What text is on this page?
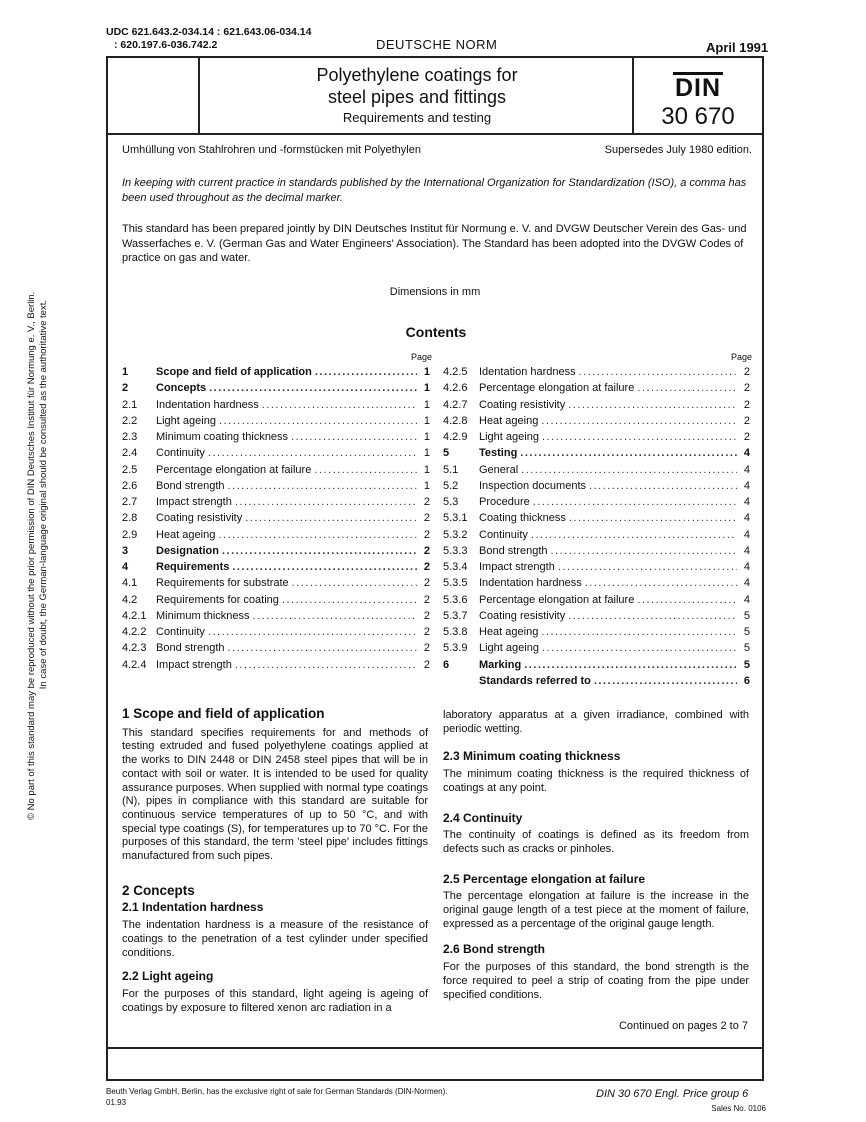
UDC 621.643.2-034.14 : 621.643.06-034.14
: 620.197.6-036.742.2	DEUTSCHE NORM	April 1991
Polyethylene coatings for
steel pipes and fittings
Requirements and testing
DIN
30 670
Umhüllung von Stahlrohren und -formstücken mit Polyethylen	Supersedes July 1980 edition.
In keeping with current practice in standards published by the International Organization for Standardization (ISO), a comma has been used throughout as the decimal marker.
This standard has been prepared jointly by DIN Deutsches Institut für Normung e. V. and DVGW Deutscher Verein des Gas- und Wasserfaches e. V. (German Gas and Water Engineers' Association). The Standard has been adopted into the DVGW Codes of practice on gas and water.
Dimensions in mm
Contents
© No part of this standard may be reproduced without the prior permission of DIN Deutsches Institut für Normung e. V., Berlin. In case of doubt, the German-language original should be consulted as the authoritative text.	Page	Page
1	Scope and field of application .....	1
2	Concepts .....	1
2.1	Indentation hardness .....	1
2.2	Light ageing .....	1
2.3	Minimum coating thickness .....	1
2.4	Continuity .....	1
2.5	Percentage elongation at failure .....	1
2.6	Bond strength .....	1
2.7	Impact strength .....	2
2.8	Coating resistivity .....	2
2.9	Heat ageing .....	2
3	Designation .....	2
4	Requirements .....	2
4.1	Requirements for substrate .....	2
4.2	Requirements for coating .....	2
4.2.1 Minimum thickness .....	2
4.2.2 Continuity .....	2
4.2.3 Bond strength .....	2
4.2.4 Impact strength .....	2
4.2.5	Identation hardness .....	2
4.2.6	Percentage elongation at failure .....	2
4.2.7	Coating resistivity .....	2
4.2.8	Heat ageing .....	2
4.2.9	Light ageing .....	2
5	Testing .....	4
5.1	General .....	4
5.2	Inspection documents .....	4
5.3	Procedure .....	4
5.3.1	Coating thickness .....	4
5.3.2	Continuity .....	4
5.3.3	Bond strength .....	4
5.3.4	Impact strength .....	4
5.3.5	Indentation hardness .....	4
5.3.6	Percentage elongation at failure .....	4
5.3.7	Coating resistivity .....	5
5.3.8	Heat ageing .....	5
5.3.9	Light ageing .....	5
6	Marking .....	5
Standards referred to .....	6
1 Scope and field of application

This standard specifies requirements for and methods of testing extruded and fused polyethylene coatings applied at the works to DIN 2448 or DIN 2458 steel pipes that will be in contact with soil or water. It is intended to be used for quality assurance purposes. When supplied with normal type coatings (N), pipes in compliance with this standard are suitable for continuous service temperatures of up to 50 °C, and with special type coatings (S), for temperatures up to 70 °C. For the purposes of this standard, the term 'steel pipe' includes fittings manufactured from such pipes.

2 Concepts
2.1 Indentation hardness

The indentation hardness is a measure of the resistance of coatings to the penetration of a test cylinder under specified conditions.

2.2 Light ageing

For the purposes of this standard, light ageing is ageing of coatings by exposure to filtered xenon arc radiation in a

laboratory apparatus at a given irradiance, combined with periodic wetting.

2.3 Minimum coating thickness

The minimum coating thickness is the required thickness of coatings at any point.

2.4 Continuity

The continuity of coatings is defined as its freedom from defects such as cracks or pinholes.

2.5 Percentage elongation at failure

The percentage elongation at failure is the increase in the original gauge length of a test piece at the moment of failure, expressed as a percentage of the original gauge length.

2.6 Bond strength

For the purposes of this standard, the bond strength is the force required to peel a strip of coating from the pipe under specified conditions.

Continued on pages 2 to 7
Beuth Verlag GmbH, Berlin, has the exclusive right of sale for German Standards (DIN-Normen).
01.93
DIN 30 670 Engl. Price group 6
Sales No. 0106
